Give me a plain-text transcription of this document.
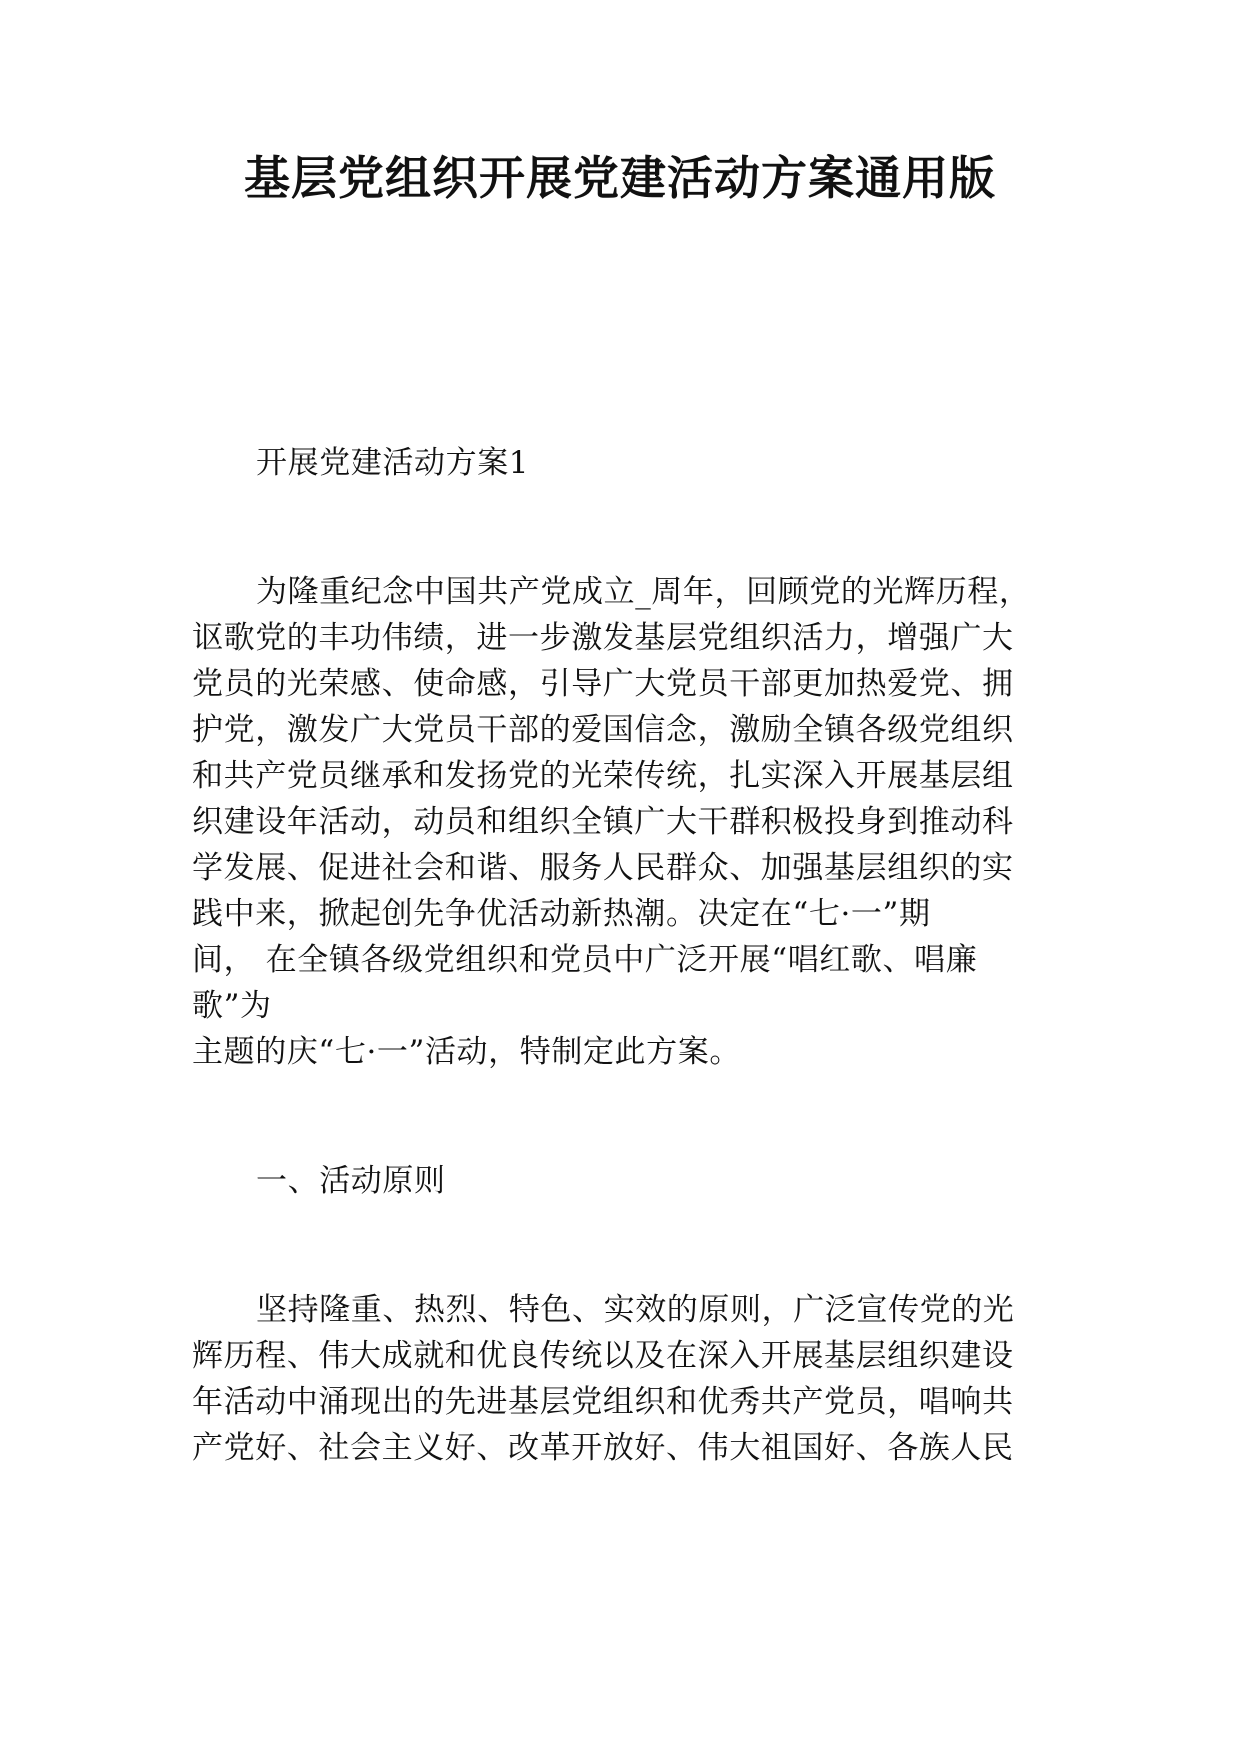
基层党组织开展党建活动方案通用版
开展党建活动方案1
为隆重纪念中国共产党成立_周年，回顾党的光辉历程，
讴歌党的丰功伟绩，进一步激发基层党组织活力，增强广大
党员的光荣感、使命感，引导广大党员干部更加热爱党、拥
护党，激发广大党员干部的爱国信念，激励全镇各级党组织
和共产党员继承和发扬党的光荣传统，扎实深入开展基层组
织建设年活动，动员和组织全镇广大干群积极投身到推动科
学发展、促进社会和谐、服务人民群众、加强基层组织的实
践中来，掀起创先争优活动新热潮。决定在“七·一”期
间， 在全镇各级党组织和党员中广泛开展“唱红歌、唱廉
歌”为
主题的庆“七·一”活动，特制定此方案。
一、活动原则
坚持隆重、热烈、特色、实效的原则，广泛宣传党的光
辉历程、伟大成就和优良传统以及在深入开展基层组织建设
年活动中涌现出的先进基层党组织和优秀共产党员，唱响共
产党好、社会主义好、改革开放好、伟大祖国好、各族人民
